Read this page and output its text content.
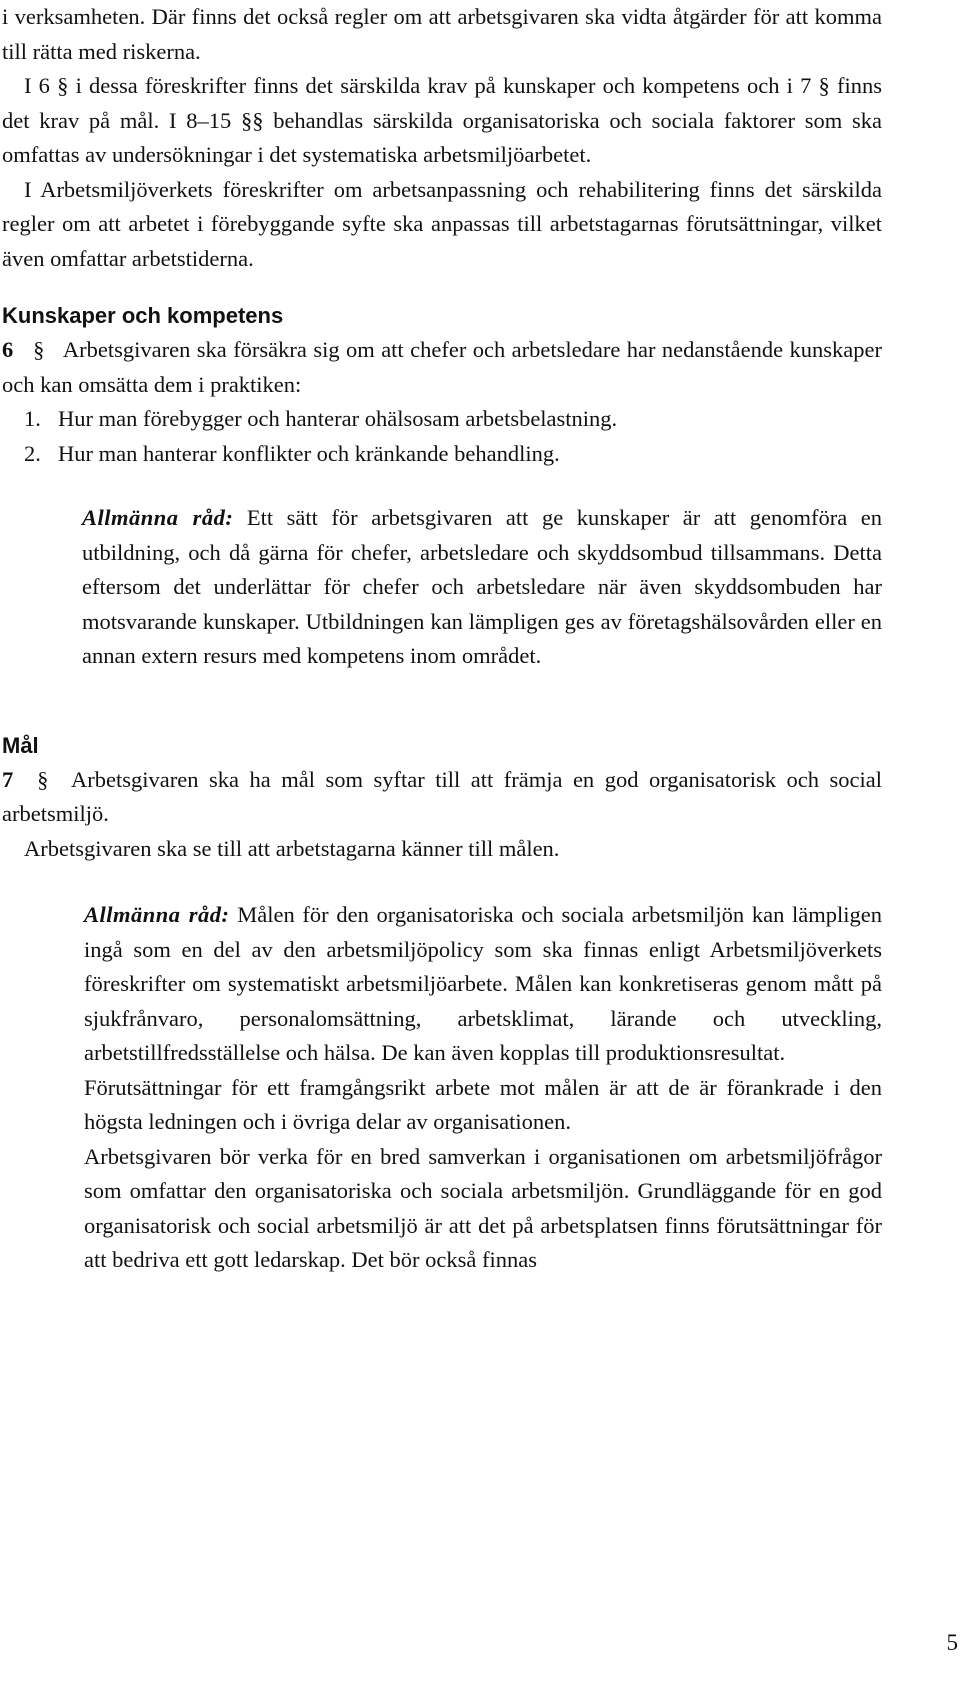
i verksamheten. Där finns det också regler om att arbetsgivaren ska vidta åtgärder för att komma till rätta med riskerna.

I 6 § i dessa föreskrifter finns det särskilda krav på kunskaper och kompetens och i 7 § finns det krav på mål. I 8–15 §§ behandlas särskilda organisatoriska och sociala faktorer som ska omfattas av undersökningar i det systematiska arbetsmiljöarbetet.

I Arbetsmiljöverkets föreskrifter om arbetsanpassning och rehabilitering finns det särskilda regler om att arbetet i förebyggande syfte ska anpassas till arbetstagarnas förutsättningar, vilket även omfattar arbetstiderna.

Kunskaper och kompetens

6 § Arbetsgivaren ska försäkra sig om att chefer och arbetsledare har nedanstående kunskaper och kan omsätta dem i praktiken:

1. Hur man förebygger och hanterar ohälsosam arbetsbelastning.
2. Hur man hanterar konflikter och kränkande behandling.

Allmänna råd: Ett sätt för arbetsgivaren att ge kunskaper är att genomföra en utbildning, och då gärna för chefer, arbetsledare och skyddsombud tillsammans. Detta eftersom det underlättar för chefer och arbetsledare när även skyddsombuden har motsvarande kunskaper. Utbildningen kan lämpligen ges av företagshälsovården eller en annan extern resurs med kompetens inom området.

Mål

7 § Arbetsgivaren ska ha mål som syftar till att främja en god organisatorisk och social arbetsmiljö.

Arbetsgivaren ska se till att arbetstagarna känner till målen.

Allmänna råd: Målen för den organisatoriska och sociala arbetsmiljön kan lämpligen ingå som en del av den arbetsmiljöpolicy som ska finnas enligt Arbetsmiljöverkets föreskrifter om systematiskt arbetsmiljöarbete. Målen kan konkretiseras genom mått på sjukfrånvaro, personalomsättning, arbetsklimat, lärande och utveckling, arbetstillfredsställelse och hälsa. De kan även kopplas till produktionsresultat.

Förutsättningar för ett framgångsrikt arbete mot målen är att de är förankrade i den högsta ledningen och i övriga delar av organisationen.

Arbetsgivaren bör verka för en bred samverkan i organisationen om arbetsmiljöfrågor som omfattar den organisatoriska och sociala arbetsmiljön. Grundläggande för en god organisatorisk och social arbetsmiljö är att det på arbetsplatsen finns förutsättningar för att bedriva ett gott ledarskap. Det bör också finnas

5
